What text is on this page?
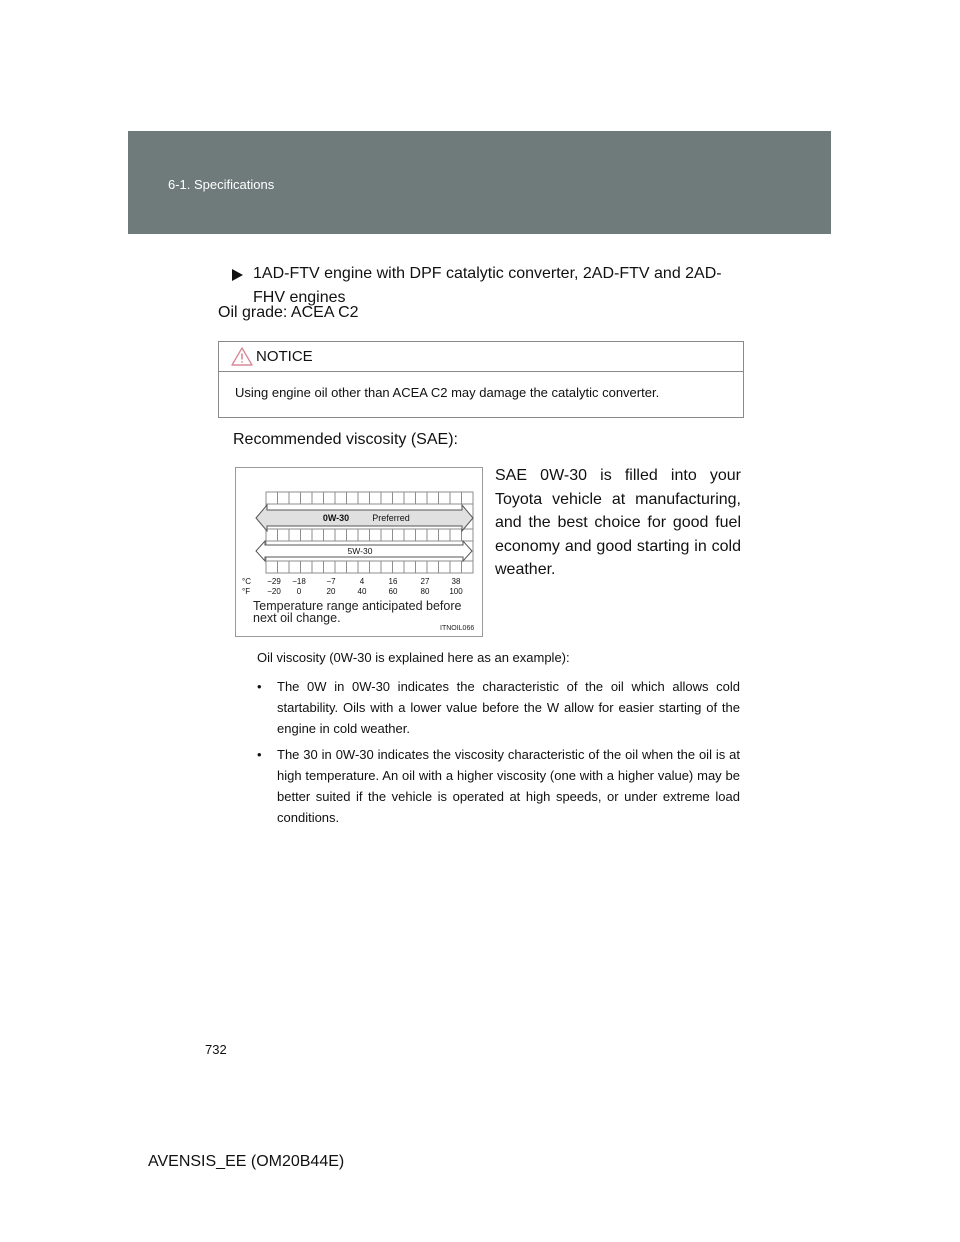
6-1. Specifications
1AD-FTV engine with DPF catalytic converter, 2AD-FTV and 2AD-FHV engines
Oil grade: ACEA C2
NOTICE
Using engine oil other than ACEA C2 may damage the catalytic converter.
Recommended viscosity (SAE):
0W-30	Preferred
5W-30
°C
°F
−29 −18	−7	4	16	27	38
−20 0	20	40	60	80 100
Temperature range anticipated before next oil change.
ITNOIL066
SAE 0W-30 is filled into your Toyota vehicle at manufacturing, and the best choice for good fuel economy and good starting in cold weather.
Oil viscosity (0W-30 is explained here as an example):
• The 0W in 0W-30 indicates the characteristic of the oil which allows cold startability. Oils with a lower value before the W allow for easier starting of the engine in cold weather.
• The 30 in 0W-30 indicates the viscosity characteristic of the oil when the oil is at high temperature. An oil with a higher viscosity (one with a higher value) may be better suited if the vehicle is operated at high speeds, or under extreme load conditions.
732
AVENSIS_EE (OM20B44E)
